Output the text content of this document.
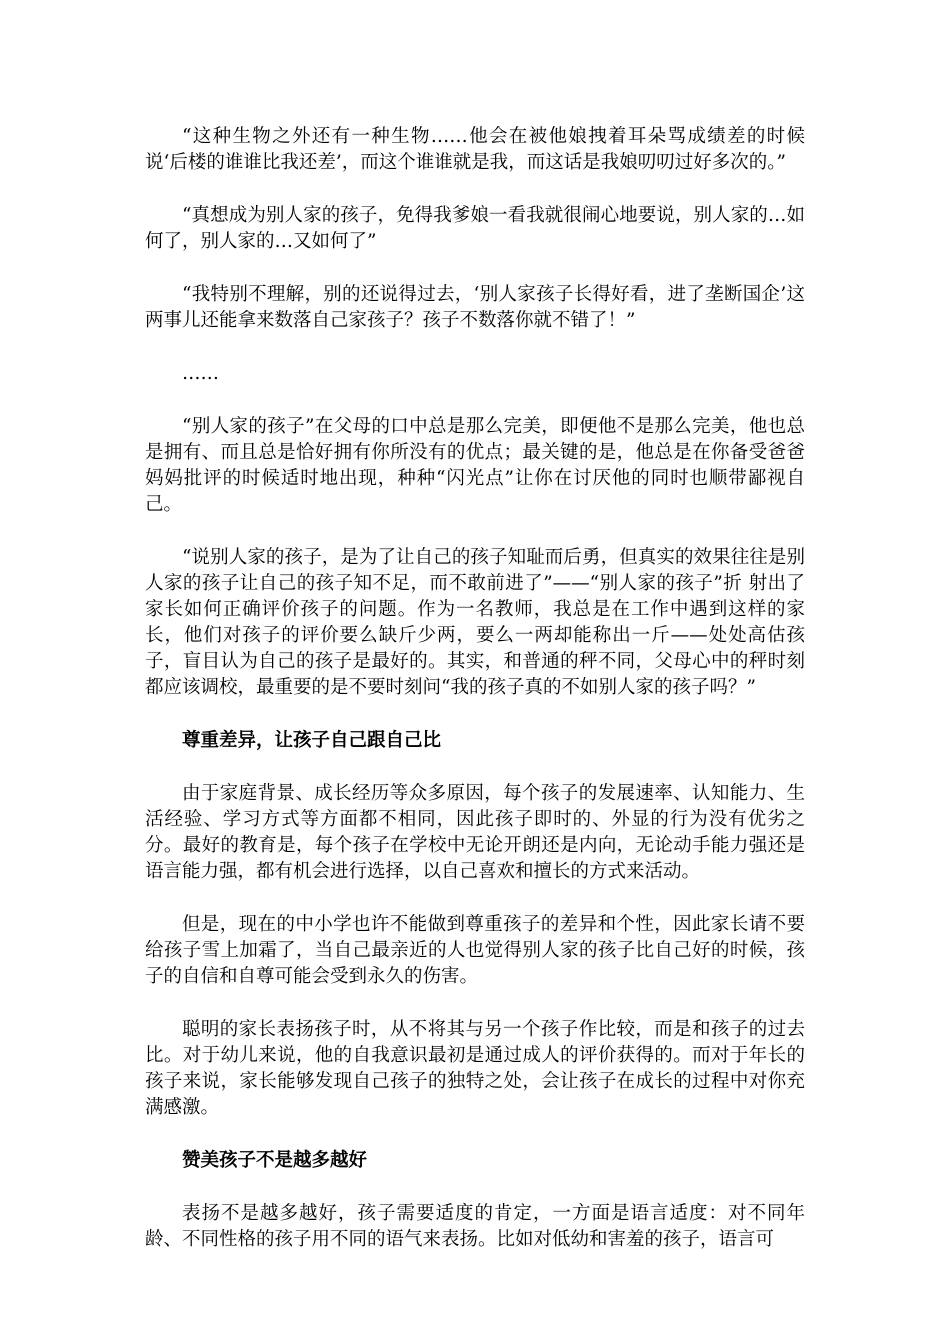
“这种生物之外还有一种生物……他会在被他娘拽着耳朵骂成绩差的时候说‘后楼的谁谁比我还差’，而这个谁谁就是我，而这话是我娘叨叨过好多次的。”

“真想成为别人家的孩子，免得我爹娘一看我就很闹心地要说，别人家的…如何了，别人家的…又如何了”

“我特别不理解，别的还说得过去，‘别人家孩子长得好看，进了垄断国企’这两事儿还能拿来数落自己家孩子？孩子不数落你就不错了！”

……

“别人家的孩子”在父母的口中总是那么完美，即便他不是那么完美，他也总是拥有、而且总是恰好拥有你所没有的优点；最关键的是，他总是在你备受爸爸妈妈批评的时候适时地出现，种种“闪光点”让你在讨厌他的同时也顺带鄙视自己。

“说别人家的孩子，是为了让自己的孩子知耻而后勇，但真实的效果往往是别人家的孩子让自己的孩子知不足，而不敢前进了”——“别人家的孩子”折 射出了家长如何正确评价孩子的问题。作为一名教师，我总是在工作中遇到这样的家长，他们对孩子的评价要么缺斤少两，要么一两却能称出一斤——处处高估孩 子，盲目认为自己的孩子是最好的。其实，和普通的秤不同，父母心中的秤时刻都应该调校，最重要的是不要时刻问“我的孩子真的不如别人家的孩子吗？”

尊重差异，让孩子自己跟自己比

由于家庭背景、成长经历等众多原因，每个孩子的发展速率、认知能力、生活经验、学习方式等方面都不相同，因此孩子即时的、外显的行为没有优劣之 分。最好的教育是，每个孩子在学校中无论开朗还是内向，无论动手能力强还是语言能力强，都有机会进行选择，以自己喜欢和擅长的方式来活动。

但是，现在的中小学也许不能做到尊重孩子的差异和个性，因此家长请不要给孩子雪上加霜了，当自己最亲近的人也觉得别人家的孩子比自己好的时候，孩子的自信和自尊可能会受到永久的伤害。

聪明的家长表扬孩子时，从不将其与另一个孩子作比较，而是和孩子的过去比。对于幼儿来说，他的自我意识最初是通过成人的评价获得的。而对于年长的孩子来说，家长能够发现自己孩子的独特之处，会让孩子在成长的过程中对你充满感激。

赞美孩子不是越多越好

表扬不是越多越好，孩子需要适度的肯定，一方面是语言适度：对不同年龄、不同性格的孩子用不同的语气来表扬。比如对低幼和害羞的孩子，语言可
